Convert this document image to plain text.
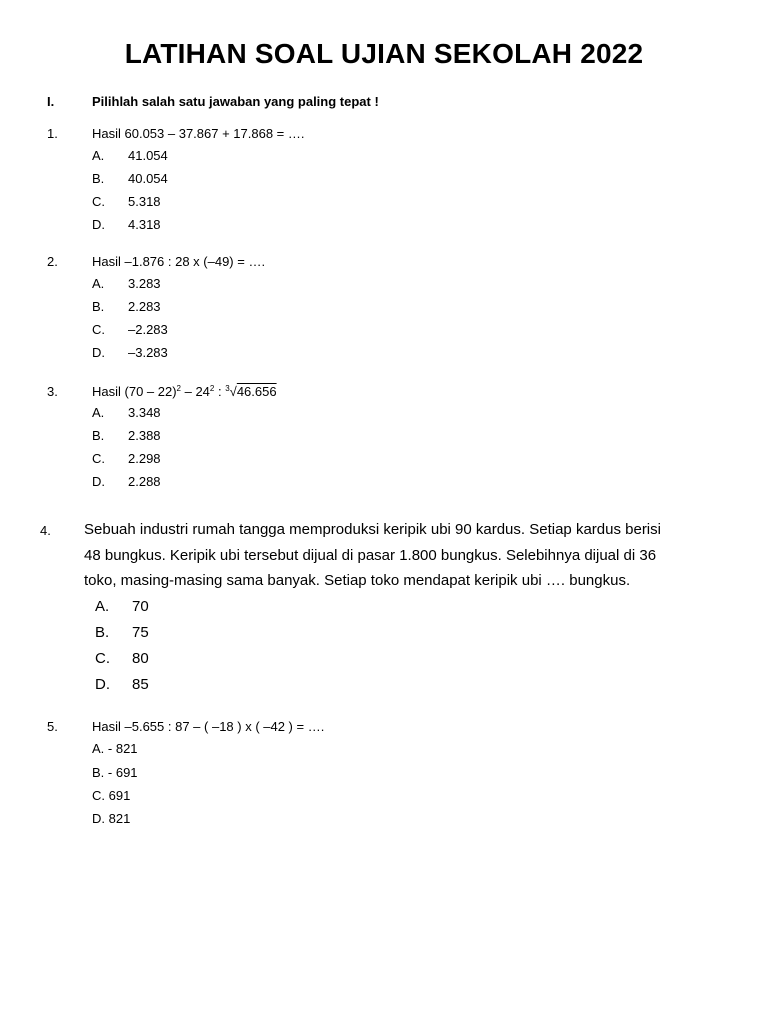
LATIHAN SOAL UJIAN SEKOLAH 2022
I.	Pilihlah salah satu jawaban yang paling tepat !
1.	Hasil 60.053 – 37.867 + 17.868 = ….
A. 41.054
B. 40.054
C. 5.318
D. 4.318
2.	Hasil –1.876 : 28 x (–49) = ….
A. 3.283
B. 2.283
C. –2.283
D. –3.283
3.	Hasil $(70 - 22)^2 - 24^2$ : $^3$√46.656
A. 3.348
B. 2.388
C. 2.298
D. 2.288
4. Sebuah industri rumah tangga memproduksi keripik ubi 90 kardus. Setiap kardus berisi
48 bungkus. Keripik ubi tersebut dijual di pasar 1.800 bungkus. Selebihnya dijual di 36
toko, masing-masing sama banyak. Setiap toko mendapat keripik ubi …. bungkus.
A. 70
B. 75
C. 80
D. 85
5.	Hasil –5.655 : 87 – ( –18 ) x ( –42 ) = ….
A. - 821
B. - 691
C. 691
D. 821
